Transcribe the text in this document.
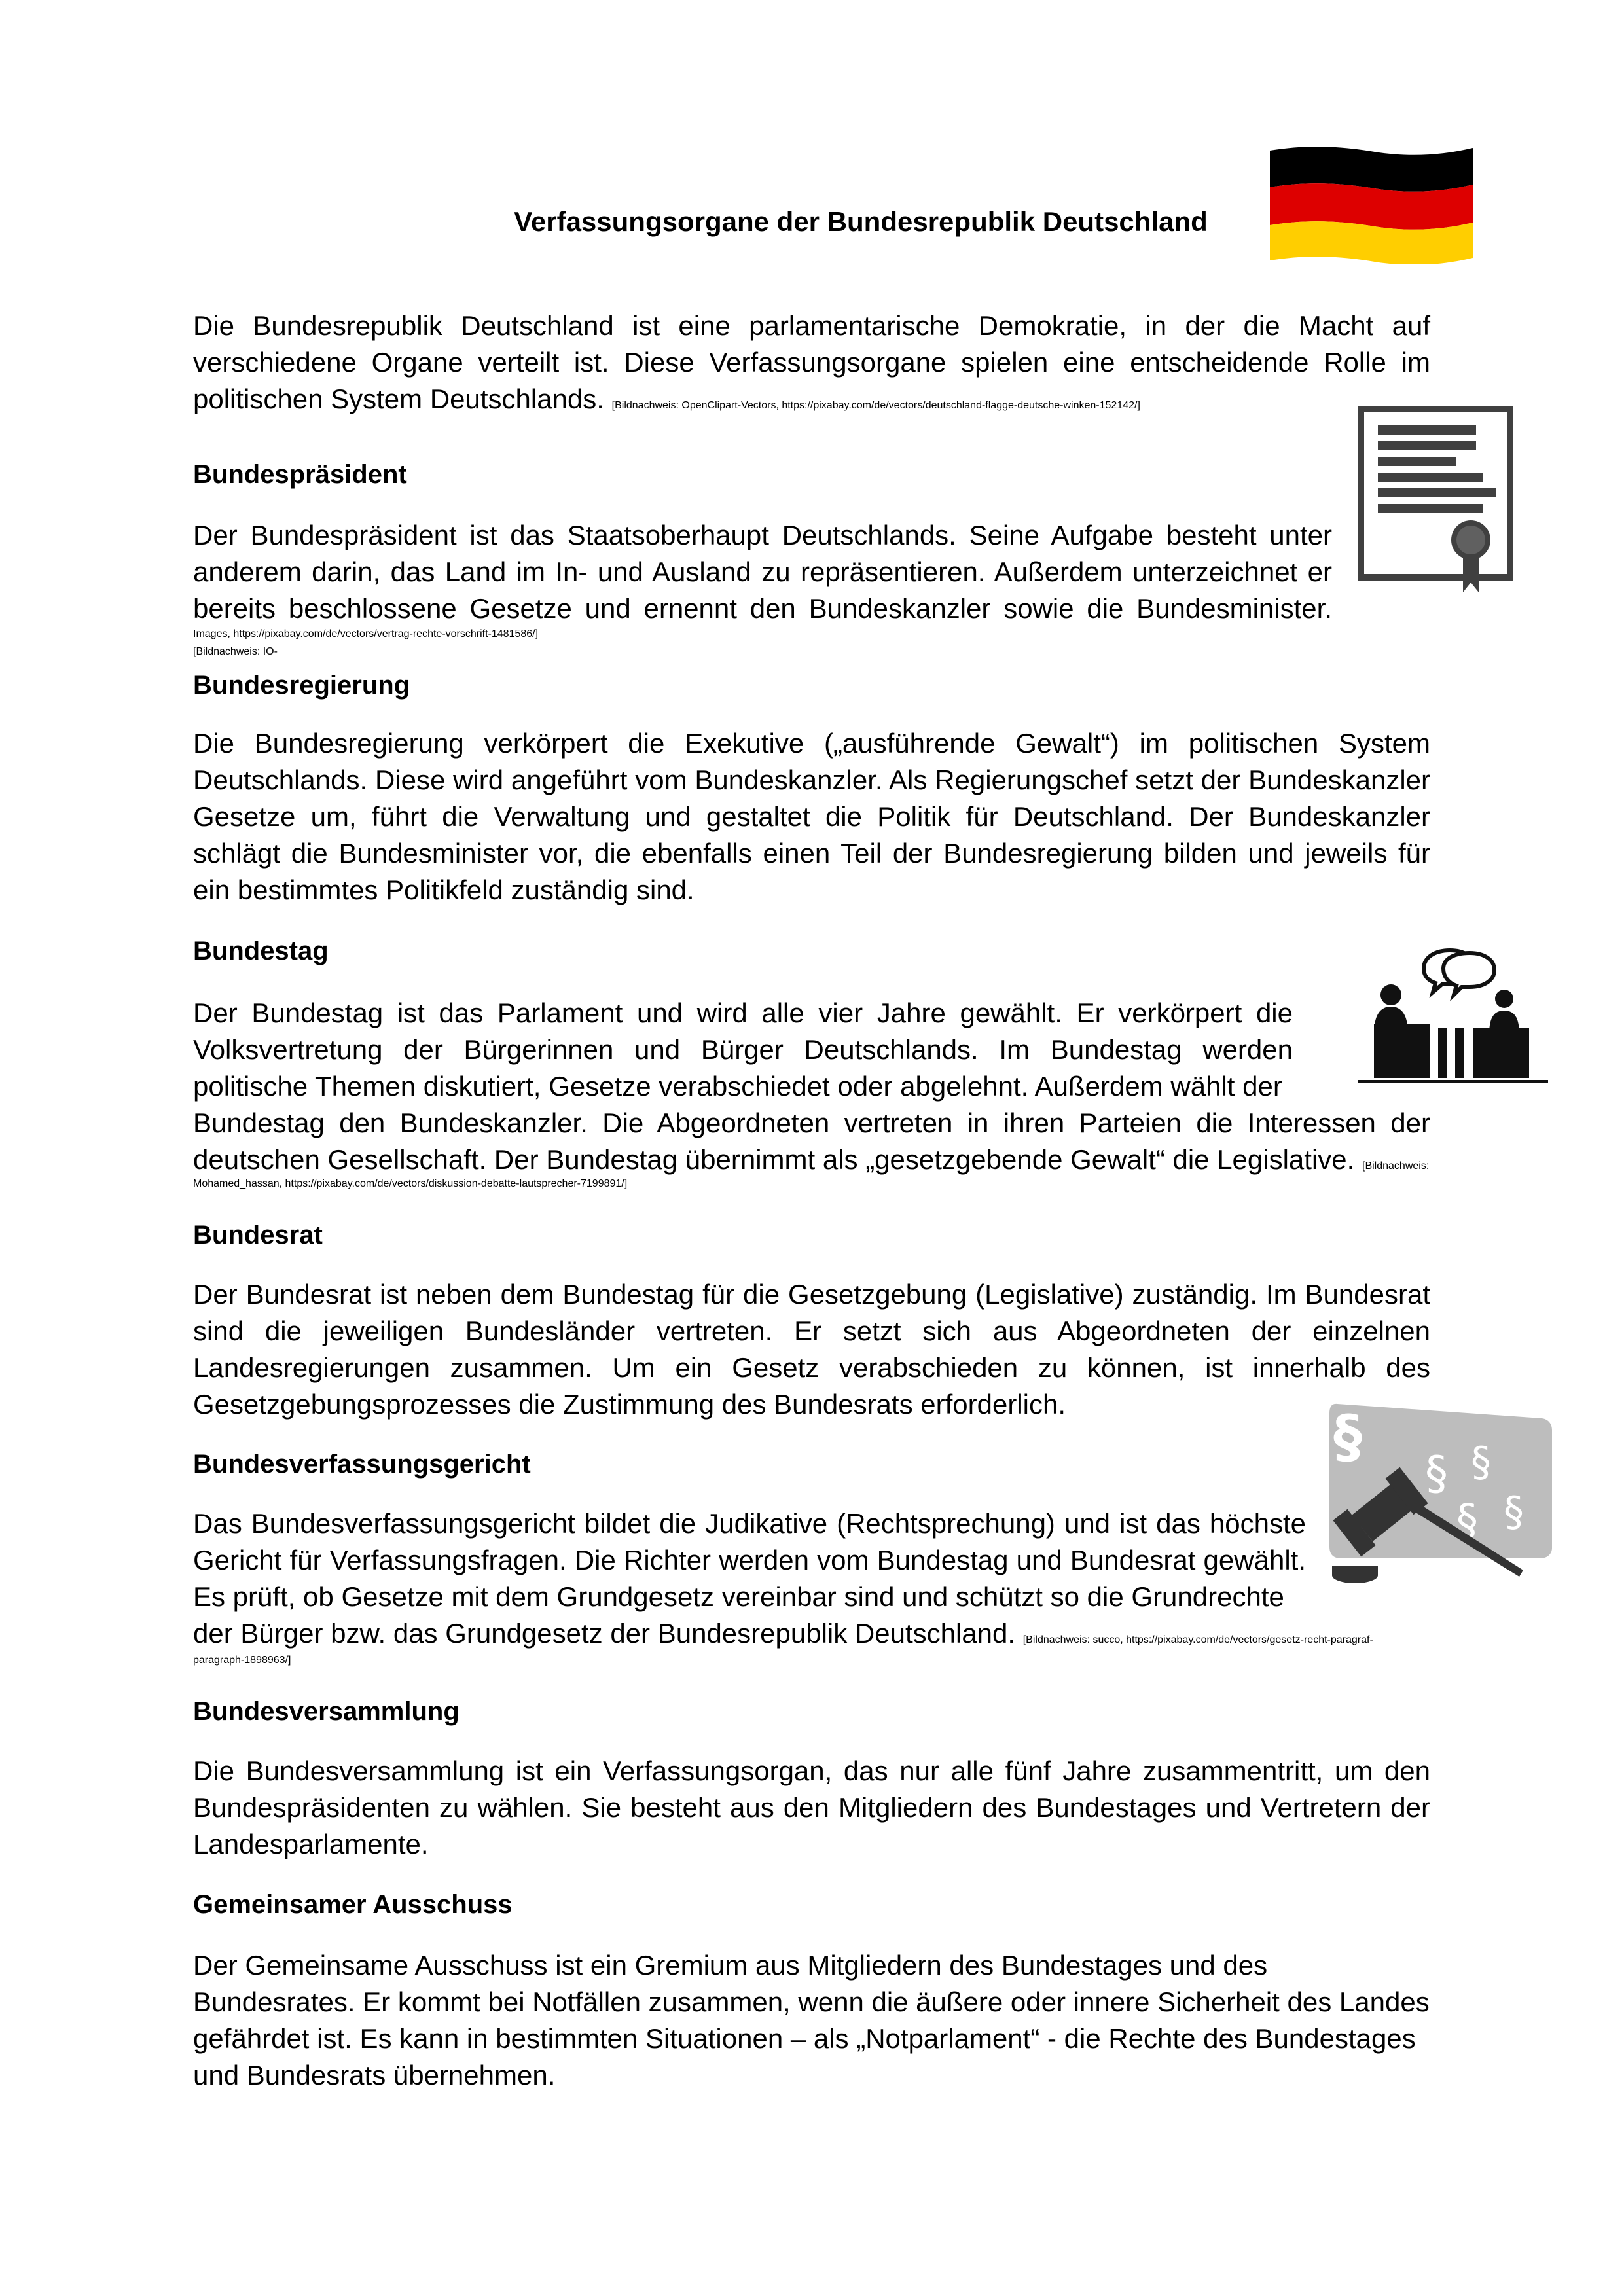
Verfassungsorgane der Bundesrepublik Deutschland

Die Bundesrepublik Deutschland ist eine parlamentarische Demokratie, in der die Macht auf verschiedene Organe verteilt ist. Diese Verfassungsorgane spielen eine entscheidende Rolle im politischen System Deutschlands. [Bildnachweis: OpenClipart-Vectors, https://pixabay.com/de/vectors/deutschland-flagge-deutsche-winken-152142/]

Bundespräsident

Der Bundespräsident ist das Staatsoberhaupt Deutschlands. Seine Aufgabe besteht unter anderem darin, das Land im In- und Ausland zu repräsentieren. Außerdem unterzeichnet er bereits beschlossene Gesetze und ernennt den Bundeskanzler sowie die Bundesminister. [Bildnachweis: IO-

Images, https://pixabay.com/de/vectors/vertrag-rechte-vorschrift-1481586/]

Bundesregierung

Die Bundesregierung verkörpert die Exekutive („ausführende Gewalt“) im politischen System Deutschlands. Diese wird angeführt vom Bundeskanzler. Als Regierungschef setzt der Bundeskanzler Gesetze um, führt die Verwaltung und gestaltet die Politik für Deutschland. Der Bundeskanzler schlägt die Bundesminister vor, die ebenfalls einen Teil der Bundesregierung bilden und jeweils für ein bestimmtes Politikfeld zuständig sind.

Bundestag

Der Bundestag ist das Parlament und wird alle vier Jahre gewählt. Er verkörpert die Volksvertretung der Bürgerinnen und Bürger Deutschlands. Im Bundestag werden politische Themen diskutiert, Gesetze verabschiedet oder abgelehnt. Außerdem wählt der

Bundestag den Bundeskanzler. Die Abgeordneten vertreten in ihren Parteien die Interessen der deutschen Gesellschaft. Der Bundestag übernimmt als „gesetzgebende Gewalt“ die Legislative. [Bildnachweis:

Mohamed_hassan, https://pixabay.com/de/vectors/diskussion-debatte-lautsprecher-7199891/]

Bundesrat

Der Bundesrat ist neben dem Bundestag für die Gesetzgebung (Legislative) zuständig. Im Bundesrat sind die jeweiligen Bundesländer vertreten. Er setzt sich aus Abgeordneten der einzelnen Landesregierungen zusammen. Um ein Gesetz verabschieden zu können, ist innerhalb des Gesetzgebungsprozesses die Zustimmung des Bundesrats erforderlich.	§
§ §
§ §
Bundesverfassungsgericht

Das Bundesverfassungsgericht bildet die Judikative (Rechtsprechung) und ist das höchste Gericht für Verfassungsfragen. Die Richter werden vom Bundestag und Bundesrat gewählt. Es prüft, ob Gesetze mit dem Grundgesetz vereinbar sind und schützt so die Grundrechte

der Bürger bzw. das Grundgesetz der Bundesrepublik Deutschland. [Bildnachweis: succo, https://pixabay.com/de/vectors/gesetz-recht-paragraf-

paragraph-1898963/]

Bundesversammlung

Die Bundesversammlung ist ein Verfassungsorgan, das nur alle fünf Jahre zusammentritt, um den Bundespräsidenten zu wählen. Sie besteht aus den Mitgliedern des Bundestages und Vertretern der Landesparlamente.

Gemeinsamer Ausschuss

Der Gemeinsame Ausschuss ist ein Gremium aus Mitgliedern des Bundestages und des Bundesrates. Er kommt bei Notfällen zusammen, wenn die äußere oder innere Sicherheit des Landes gefährdet ist. Es kann in bestimmten Situationen – als „Notparlament“ - die Rechte des Bundestages und Bundesrats übernehmen.
